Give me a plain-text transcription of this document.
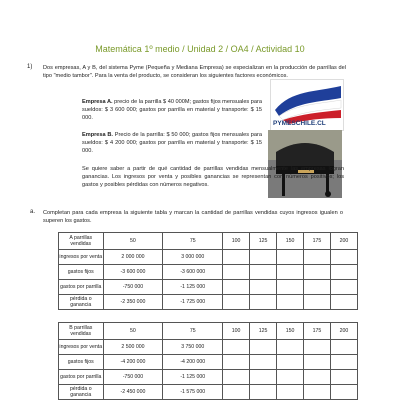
Matemática 1º medio / Unidad 2 / OA4 / Actividad 10
1) Dos empresas, A y B, del sistema Pyme (Pequeña y Mediana Empresa) se especializan en la producción de parrillas del tipo "medio tambor". Para la venta del producto, se consideran los siguientes factores económicos.
Empresa A. precio de la parrilla $ 40 000M; gastos fijos mensuales para sueldos: $ 3 600 000; gastos por parrilla en material y transporte: $ 15 000.
Empresa B. Precio de la parrilla: $ 50 000; gastos fijos mensuales para sueldos: $ 4 200 000; gastos por parrilla en material y transporte: $ 15 000.
PYMESCHILE.CL
Se quiere saber a partir de qué cantidad de parrillas vendidas mensualmente las empresas logran ganancias. Los ingresos por venta y posibles ganancias se representan con números positivos; los gastos y posibles pérdidas con números negativos.
a. Completan para cada empresa la siguiente tabla y marcan la cantidad de parrillas vendidas cuyos ingresos igualen o superen los gastos.
A parrillas vendidas	50	75	100	125	150	175	200
ingresos por venta	2 000 000	3 000 000					
gastos fijos	-3 600 000	-3 600 000					
gastos por parrilla	-750 000	-1 125 000					
pérdida o ganancia	-2 350 000	-1 725 000					
B parrillas vendidas	50	75	100	125	150	175	200
ingresos por venta	2 500 000	3 750 000					
gastos fijos	-4 200 000	-4 200 000					
gastos por parrilla	-750 000	-1 125 000					
pérdida o ganancia	-2 450 000	-1 575 000					
